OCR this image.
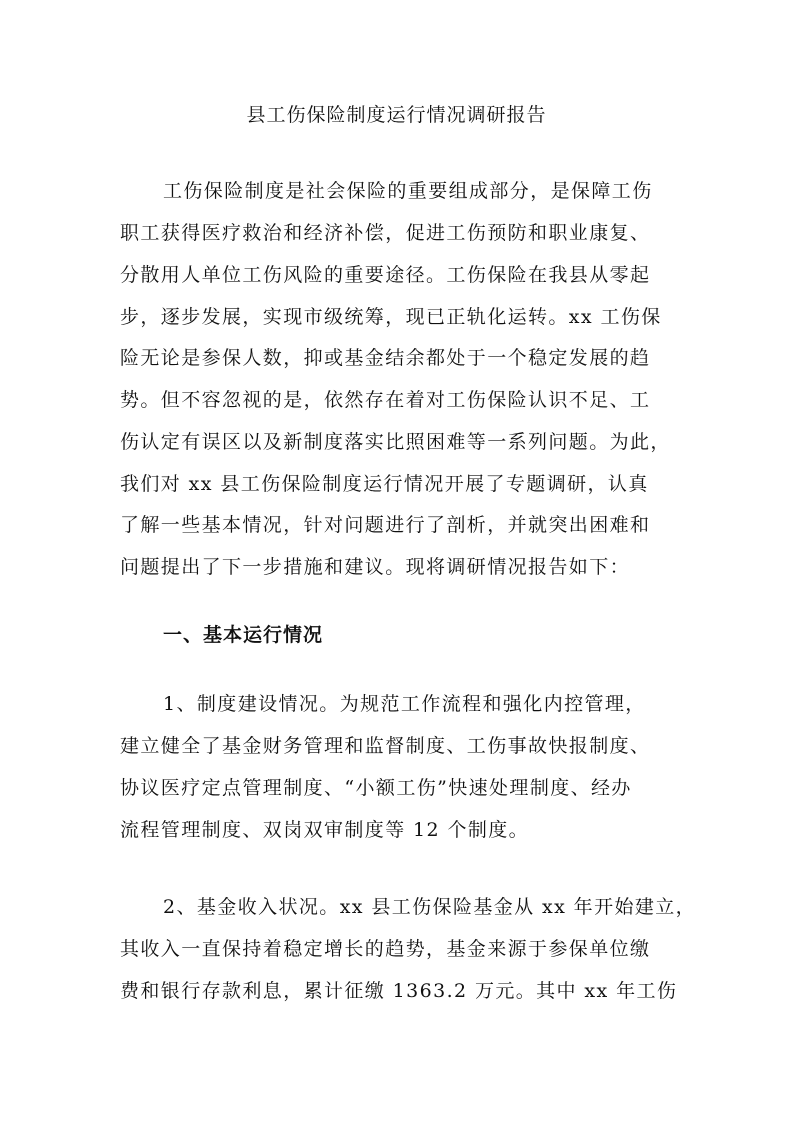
县工伤保险制度运行情况调研报告
工伤保险制度是社会保险的重要组成部分，是保障工伤
职工获得医疗救治和经济补偿，促进工伤预防和职业康复、
分散用人单位工伤风险的重要途径。工伤保险在我县从零起
步，逐步发展，实现市级统筹，现已正轨化运转。xx 工伤保
险无论是参保人数，抑或基金结余都处于一个稳定发展的趋
势。但不容忽视的是，依然存在着对工伤保险认识不足、工
伤认定有误区以及新制度落实比照困难等一系列问题。为此，
我们对 xx 县工伤保险制度运行情况开展了专题调研，认真
了解一些基本情况，针对问题进行了剖析，并就突出困难和
问题提出了下一步措施和建议。现将调研情况报告如下：
一、基本运行情况
1、制度建设情况。为规范工作流程和强化内控管理，
建立健全了基金财务管理和监督制度、工伤事故快报制度、
协议医疗定点管理制度、“小额工伤”快速处理制度、经办
流程管理制度、双岗双审制度等 12 个制度。
2、基金收入状况。xx 县工伤保险基金从 xx 年开始建立，
其收入一直保持着稳定增长的趋势，基金来源于参保单位缴
费和银行存款利息，累计征缴 1363.2 万元。其中 xx 年工伤
